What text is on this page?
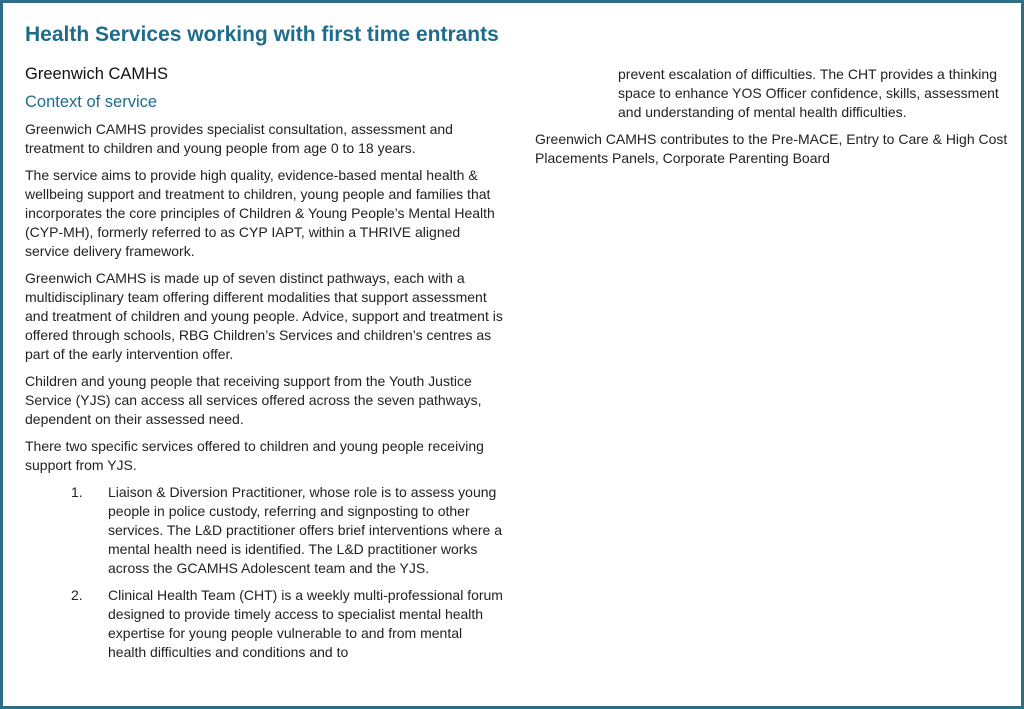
Health Services working with first time entrants
Greenwich CAMHS
Context of service

Greenwich CAMHS provides specialist consultation, assessment and treatment to children and young people from age 0 to 18 years.

The service aims to provide high quality, evidence-based mental health & wellbeing support and treatment to children, young people and families that incorporates the core principles of Children & Young People’s Mental Health (CYP-MH), formerly referred to as CYP IAPT, within a THRIVE aligned service delivery framework.

Greenwich CAMHS is made up of seven distinct pathways, each with a multidisciplinary team offering different modalities that support assessment and treatment of children and young people. Advice, support and treatment is offered through schools, RBG Children’s Services and children’s centres as part of the early intervention offer.

Children and young people that receiving support from the Youth Justice Service (YJS) can access all services offered across the seven pathways, dependent on their assessed need.

There two specific services offered to children and young people receiving support from YJS.

1. Liaison & Diversion Practitioner, whose role is to assess young people in police custody, referring and signposting to other services. The L&D practitioner offers brief interventions where a mental health need is identified. The L&D practitioner works across the GCAMHS Adolescent team and the YJS.
2. Clinical Health Team (CHT) is a weekly multi-professional forum designed to provide timely access to specialist mental health expertise for young people vulnerable to and from mental health difficulties and conditions and to
prevent escalation of difficulties. The CHT provides a thinking space to enhance YOS Officer confidence, skills, assessment and understanding of mental health difficulties.

Greenwich CAMHS contributes to the Pre-MACE, Entry to Care & High Cost Placements Panels, Corporate Parenting Board
